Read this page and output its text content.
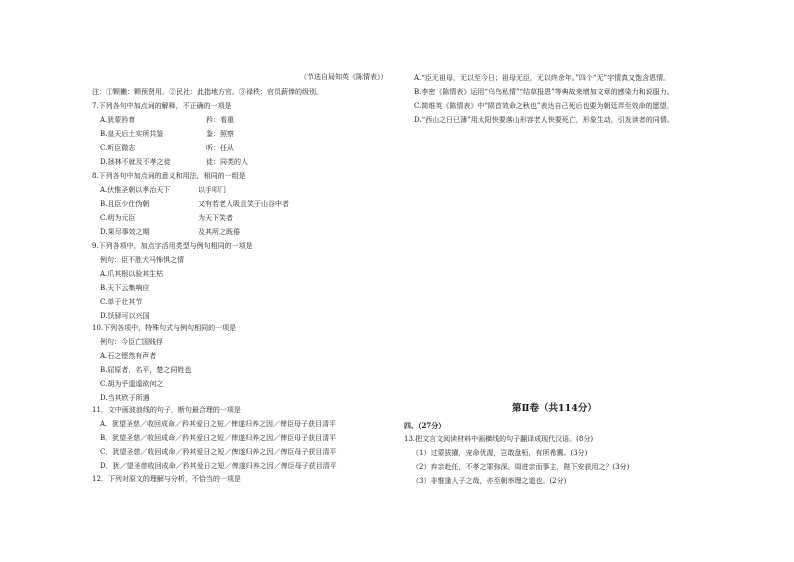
（节选自局知英《陈情表》）
注：①颗獭：颗预贤用。②民社：此指地方官。③禄秩：官员薪俸的级别。
7.下列各句中加点词的解释，不正确的一项是
A.犹蒙矜育	矜：看重
B.皇天后土实所共鉴	鉴：照察
C.听臣微志	听：任从
D.拯林不就及不孝之徒	徒：同类的人
8.下列各句中加点词的意义和用法，相同的一组是
A.伏惟圣朝以孝治天下	以手叩门
B.且臣少仕伪朝	又有若老人吸且笑于山谷中者
C.明为元臣	为天下笑者
D.果尽事效之期	及其所之既倦
9.下列各项中，加点字活用类型与例句相同的一项是
例句：臣不胜犬马怖惧之情
A.爪其根以验其生枯
B.天下云集响应
C.单于壮其节
D.饫驿可以兴国
10.下列各项中，特殊句式与例句相同的一项是
例句：今臣亡国贱俘
A.石之铿然有声者
B.屈原者，名平，楚之同姓也
C.胡为乎遑遑欲何之
D.当其欣于所遇
11．文中画波浪线的句子，断句最合理的一项是
A．犹望圣慈／收回成命／矜其爱日之短／俾遂归养之因／俾臣母子获目清平
B．犹望圣慈／收回成命／矜其爱日之短／俾遂归养之因／俾臣母子获目清平
C．犹望圣慈／收回成命／矜其爱日之短／俾遂归养之因／俾臣母子获目清平
D．犹／望圣慈收回成命／矜其爱日之短／俾遂归养之因／俾臣母子获目清平
12．下列对原文的理解与分析，不恰当的一项是
A.“臣无祖母，无以至今日；祖母无臣，无以终余年。”四个“无”字情真又饱含恩情。
B.李密《陈情表》运用“乌鸟私情”“结草报恩”等典故来增加文章的感染力和说服力。
C.简维英《陈情表》中“陨首效命之秋也”表达自己死后也要为朝廷弄至效命的愿望。
D.“西山之日已薄”用太阳快要落山形容老人快要死亡，形象生动，引发读者的同情。
第Ⅱ卷（共114分）
四、（27分）
13.把文言文阅读材料中画横线的句子翻译成现代汉语。(8分)
（1）过蒙拔擢，宠命优渥，岂敢盘桓，有所希冀。(3分)
（2）弃亲赴任，不孝之罪弥深。周进亲而事主，陛下安获用之？(3分)
（3）非惟逢人子之哉，亦至朝率理之道也。(2分)
